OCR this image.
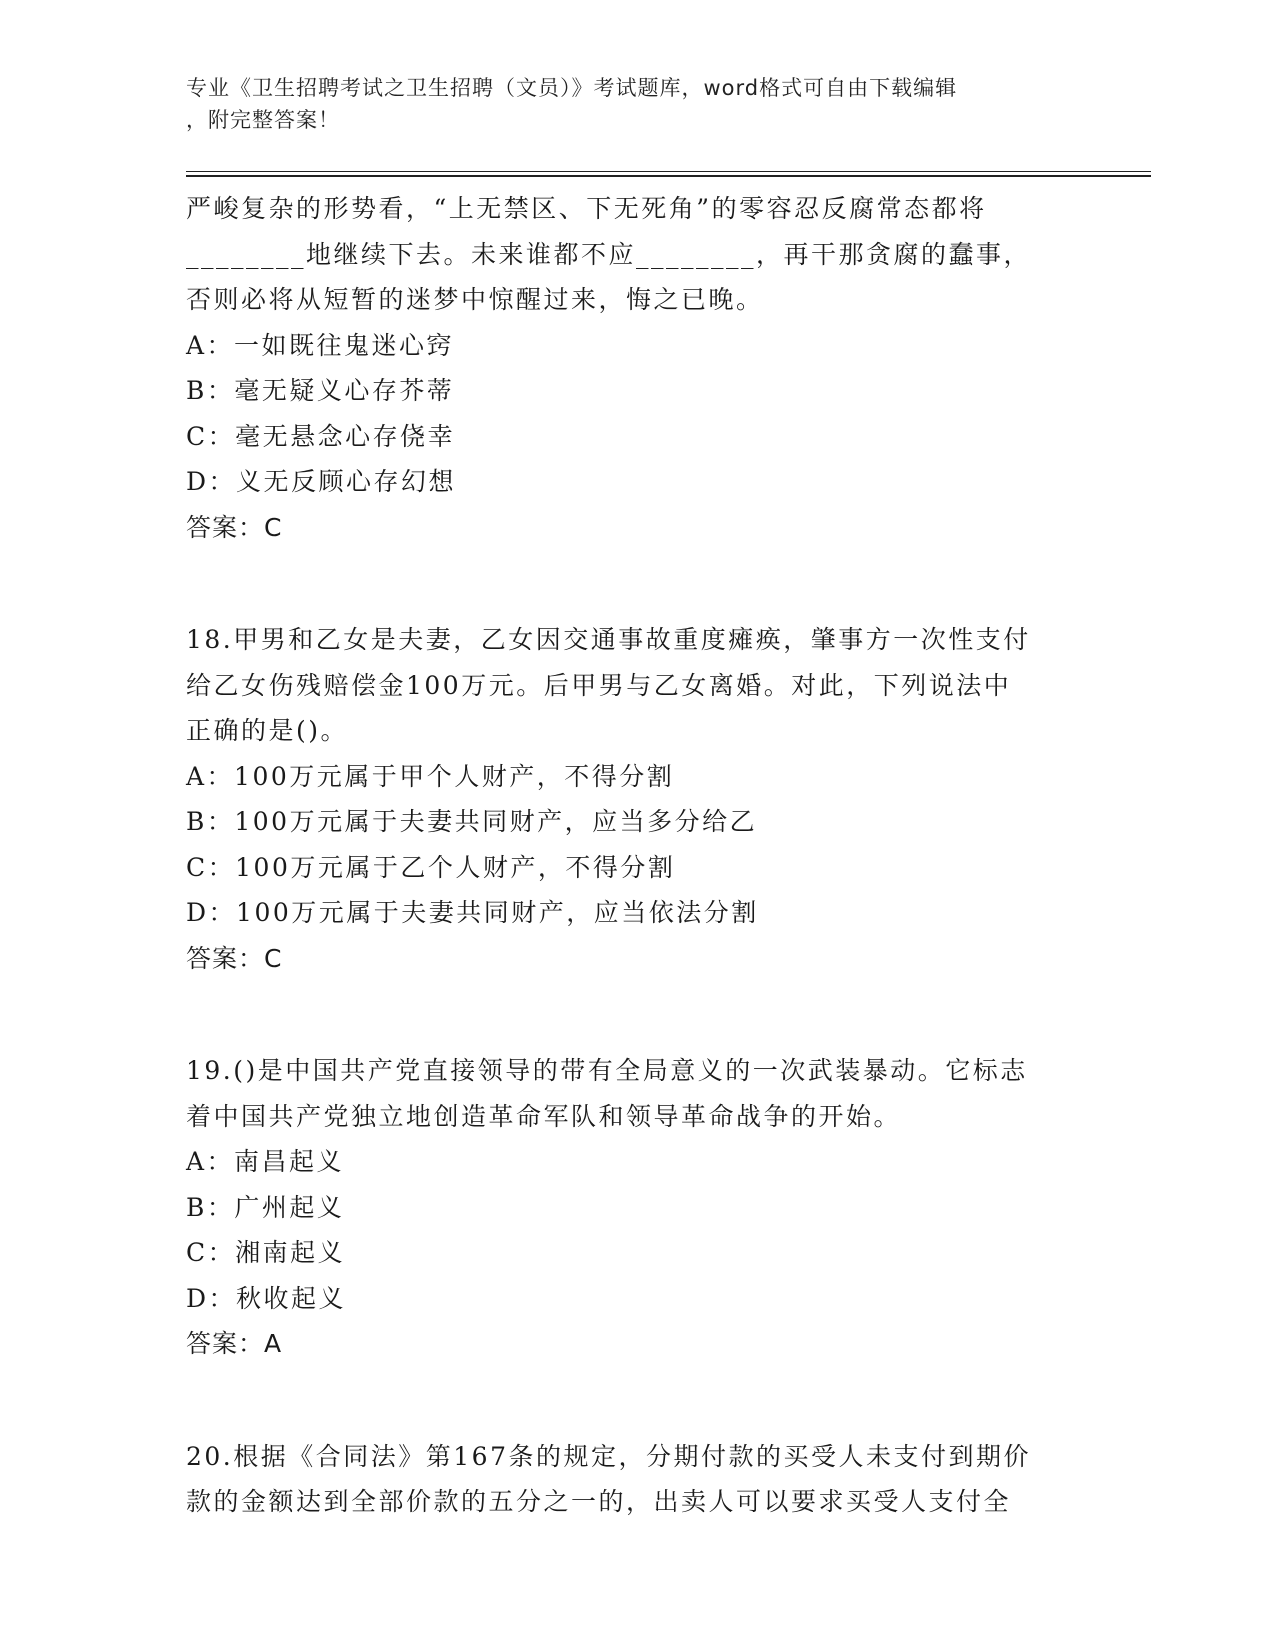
专业《卫生招聘考试之卫生招聘（文员）》考试题库，word格式可自由下载编辑
，附完整答案！

严峻复杂的形势看，“上无禁区、下无死角”的零容忍反腐常态都将

________地继续下去。未来谁都不应________，再干那贪腐的蠢事，

否则必将从短暂的迷梦中惊醒过来，悔之已晚。

A：一如既往鬼迷心窍

B：毫无疑义心存芥蒂

C：毫无悬念心存侥幸

D：义无反顾心存幻想

答案：C

18.甲男和乙女是夫妻，乙女因交通事故重度瘫痪，肇事方一次性支付

给乙女伤残赔偿金100万元。后甲男与乙女离婚。对此，下列说法中

正确的是()。

A：100万元属于甲个人财产，不得分割

B：100万元属于夫妻共同财产，应当多分给乙

C：100万元属于乙个人财产，不得分割

D：100万元属于夫妻共同财产，应当依法分割

答案：C

19.()是中国共产党直接领导的带有全局意义的一次武装暴动。它标志

着中国共产党独立地创造革命军队和领导革命战争的开始。

A：南昌起义

B：广州起义

C：湘南起义

D：秋收起义

答案：A

20.根据《合同法》第167条的规定，分期付款的买受人未支付到期价

款的金额达到全部价款的五分之一的，出卖人可以要求买受人支付全
